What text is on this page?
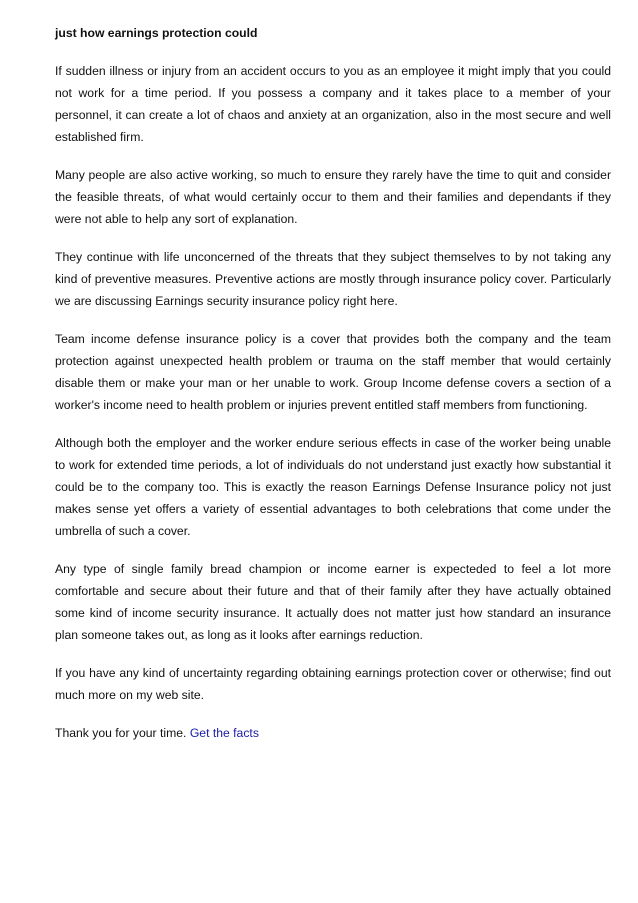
just how earnings protection could

If sudden illness or injury from an accident occurs to you as an employee it might imply that you could not work for a time period. If you possess a company and it takes place to a member of your personnel, it can create a lot of chaos and anxiety at an organization, also in the most secure and well established firm.

Many people are also active working, so much to ensure they rarely have the time to quit and consider the feasible threats, of what would certainly occur to them and their families and dependants if they were not able to help any sort of explanation.

They continue with life unconcerned of the threats that they subject themselves to by not taking any kind of preventive measures. Preventive actions are mostly through insurance policy cover. Particularly we are discussing Earnings security insurance policy right here.

Team income defense insurance policy is a cover that provides both the company and the team protection against unexpected health problem or trauma on the staff member that would certainly disable them or make your man or her unable to work. Group Income defense covers a section of a worker's income need to health problem or injuries prevent entitled staff members from functioning.

Although both the employer and the worker endure serious effects in case of the worker being unable to work for extended time periods, a lot of individuals do not understand just exactly how substantial it could be to the company too. This is exactly the reason Earnings Defense Insurance policy not just makes sense yet offers a variety of essential advantages to both celebrations that come under the umbrella of such a cover.

Any type of single family bread champion or income earner is expecteded to feel a lot more comfortable and secure about their future and that of their family after they have actually obtained some kind of income security insurance. It actually does not matter just how standard an insurance plan someone takes out, as long as it looks after earnings reduction.

If you have any kind of uncertainty regarding obtaining earnings protection cover or otherwise; find out much more on my web site.

Thank you for your time. Get the facts
